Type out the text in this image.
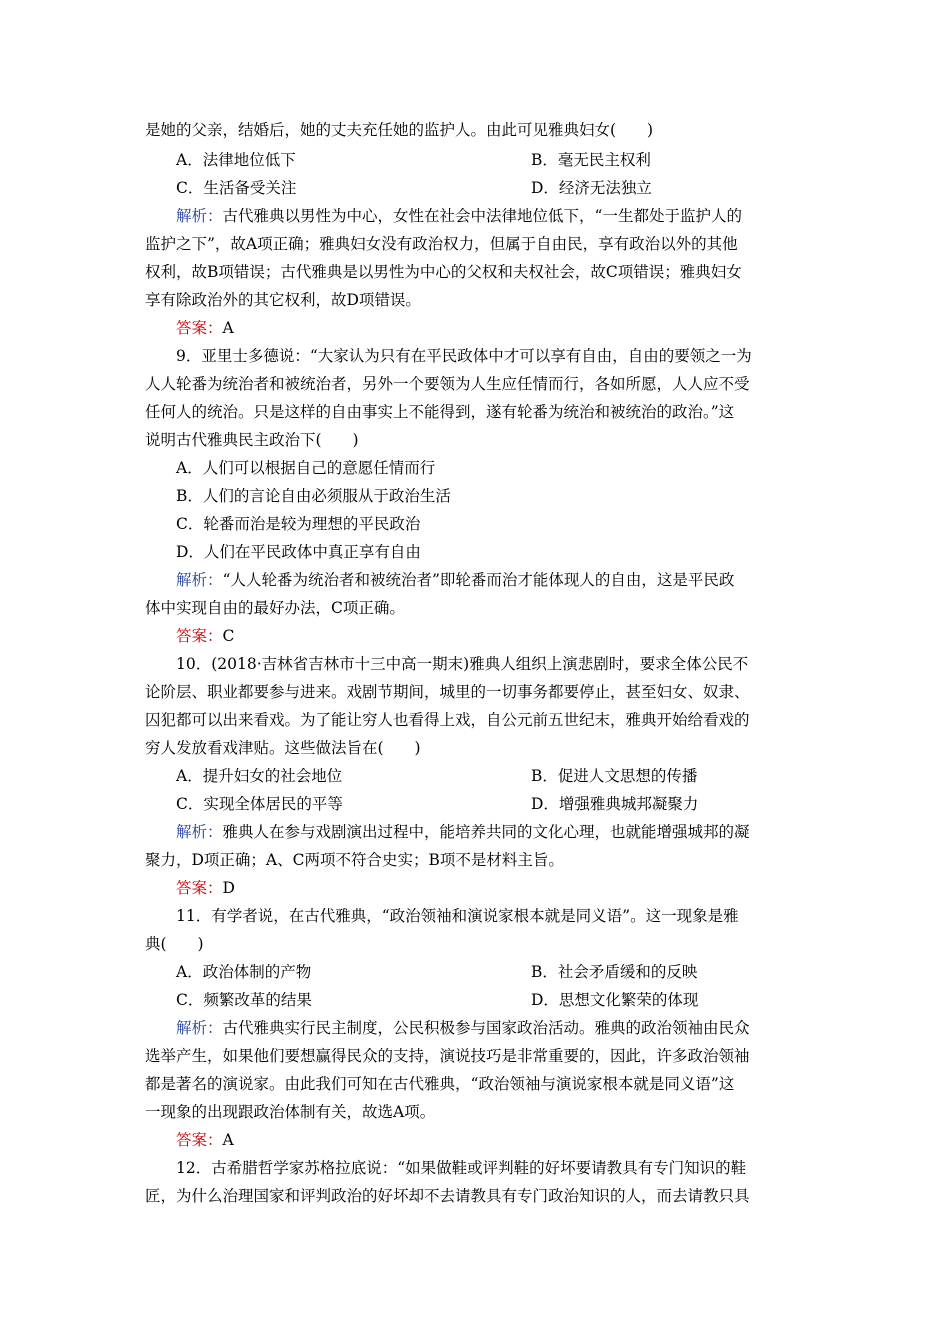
是她的父亲，结婚后，她的丈夫充任她的监护人。由此可见雅典妇女(　　)
A．法律地位低下	B．毫无民主权利
C．生活备受关注	D．经济无法独立
解析：古代雅典以男性为中心，女性在社会中法律地位低下，“一生都处于监护人的
监护之下”，故A项正确；雅典妇女没有政治权力，但属于自由民，享有政治以外的其他
权利，故B项错误；古代雅典是以男性为中心的父权和夫权社会，故C项错误；雅典妇女
享有除政治外的其它权利，故D项错误。
答案：A
9．亚里士多德说：“大家认为只有在平民政体中才可以享有自由，自由的要领之一为
人人轮番为统治者和被统治者，另外一个要领为人生应任情而行，各如所愿，人人应不受
任何人的统治。只是这样的自由事实上不能得到，遂有轮番为统治和被统治的政治。”这
说明古代雅典民主政治下(　　)
A．人们可以根据自己的意愿任情而行
B．人们的言论自由必须服从于政治生活
C．轮番而治是较为理想的平民政治
D．人们在平民政体中真正享有自由
解析：“人人轮番为统治者和被统治者”即轮番而治才能体现人的自由，这是平民政
体中实现自由的最好办法，C项正确。
答案：C
10．(2018·吉林省吉林市十三中高一期末)雅典人组织上演悲剧时，要求全体公民不
论阶层、职业都要参与进来。戏剧节期间，城里的一切事务都要停止，甚至妇女、奴隶、
囚犯都可以出来看戏。为了能让穷人也看得上戏，自公元前五世纪末，雅典开始给看戏的
穷人发放看戏津贴。这些做法旨在(　　)
A．提升妇女的社会地位	B．促进人文思想的传播
C．实现全体居民的平等	D．增强雅典城邦凝聚力
解析：雅典人在参与戏剧演出过程中，能培养共同的文化心理，也就能增强城邦的凝
聚力，D项正确；A、C两项不符合史实；B项不是材料主旨。
答案：D
11．有学者说，在古代雅典，“政治领袖和演说家根本就是同义语”。这一现象是雅
典(　　)
A．政治体制的产物	B．社会矛盾缓和的反映
C．频繁改革的结果	D．思想文化繁荣的体现
解析：古代雅典实行民主制度，公民积极参与国家政治活动。雅典的政治领袖由民众
选举产生，如果他们要想赢得民众的支持，演说技巧是非常重要的，因此，许多政治领袖
都是著名的演说家。由此我们可知在古代雅典，“政治领袖与演说家根本就是同义语”这
一现象的出现跟政治体制有关，故选A项。
答案：A
12．古希腊哲学家苏格拉底说：“如果做鞋或评判鞋的好坏要请教具有专门知识的鞋
匠，为什么治理国家和评判政治的好坏却不去请教具有专门政治知识的人，而去请教只具
